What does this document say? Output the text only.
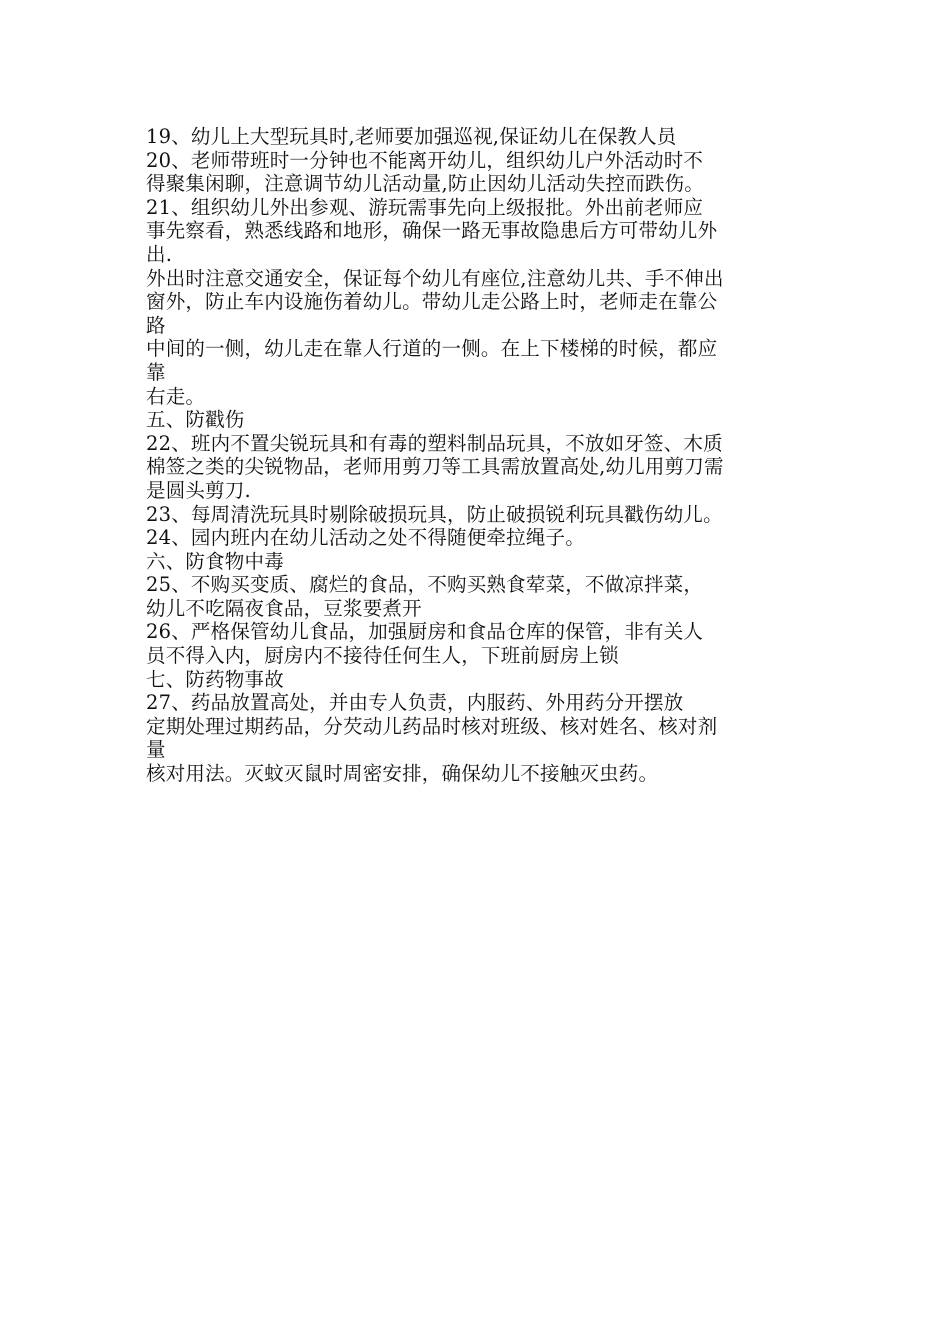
19、幼儿上大型玩具时,老师要加强巡视,保证幼儿在保教人员
20、老师带班时一分钟也不能离开幼儿，组织幼儿户外活动时不
得聚集闲聊，注意调节幼儿活动量,防止因幼儿活动失控而跌伤。
21、组织幼儿外出参观、游玩需事先向上级报批。外出前老师应
事先察看，熟悉线路和地形，确保一路无事故隐患后方可带幼儿外
出.
外出时注意交通安全，保证每个幼儿有座位,注意幼儿共、手不伸出
窗外，防止车内设施伤着幼儿。带幼儿走公路上时，老师走在靠公
路
中间的一侧，幼儿走在靠人行道的一侧。在上下楼梯的时候，都应
靠
右走。
五、防戳伤
22、班内不置尖锐玩具和有毒的塑料制品玩具，不放如牙签、木质
棉签之类的尖锐物品，老师用剪刀等工具需放置高处,幼儿用剪刀需
是圆头剪刀.
23、每周清洗玩具时剔除破损玩具，防止破损锐利玩具戳伤幼儿。
24、园内班内在幼儿活动之处不得随便牵拉绳子。
六、防食物中毒
25、不购买变质、腐烂的食品，不购买熟食荤菜，不做凉拌菜，
幼儿不吃隔夜食品，豆浆要煮开
26、严格保管幼儿食品，加强厨房和食品仓库的保管，非有关人
员不得入内，厨房内不接待任何生人，下班前厨房上锁
七、防药物事故
27、药品放置高处，并由专人负责，内服药、外用药分开摆放
定期处理过期药品，分芡动儿药品时核对班级、核对姓名、核对剂
量
核对用法。灭蚊灭鼠时周密安排，确保幼儿不接触灭虫药。
